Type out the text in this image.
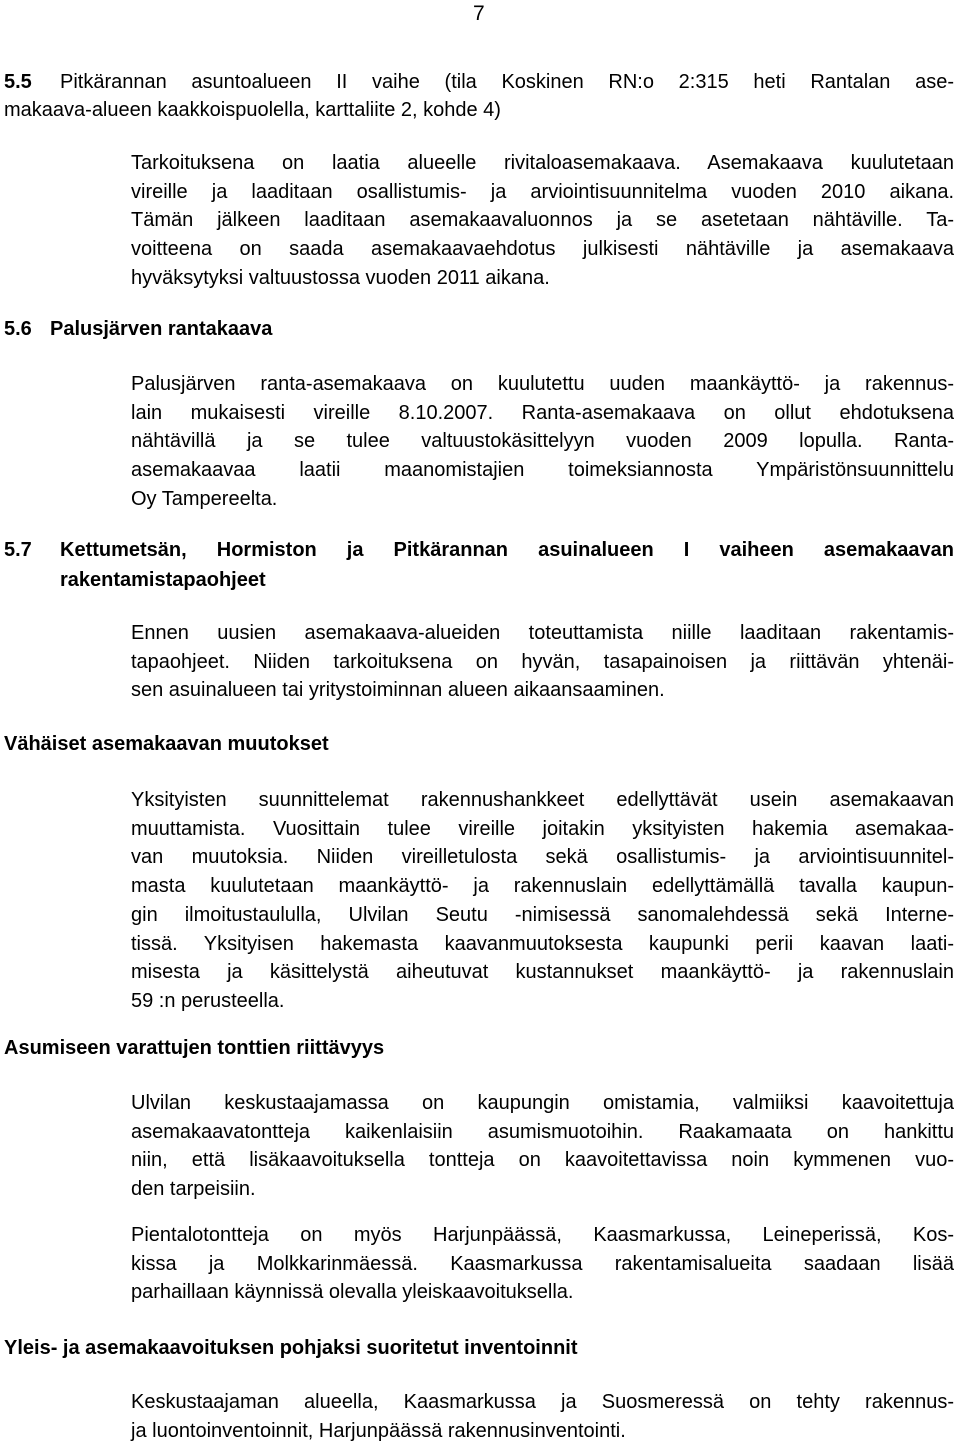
7
5.5 Pitkärannan asuntoalueen II vaihe (tila Koskinen RN:o 2:315 heti Rantalan ase-
makaava-alueen kaakkoispuolella, karttaliite 2, kohde 4)
Tarkoituksena on laatia alueelle rivitaloasemakaava. Asemakaava kuulutetaan
vireille ja laaditaan osallistumis- ja arviointisuunnitelma vuoden 2010 aikana.
Tämän jälkeen laaditaan asemakaavaluonnos ja se asetetaan nähtäville. Ta-
voitteena on saada asemakaavaehdotus julkisesti nähtäville ja asemakaava
hyväksytyksi valtuustossa vuoden 2011 aikana.
5.6 Palusjärven rantakaava
Palusjärven ranta-asemakaava on kuulutettu uuden maankäyttö- ja rakennus-
lain mukaisesti vireille 8.10.2007. Ranta-asemakaava on ollut ehdotuksena
nähtävillä ja se tulee valtuustokäsittelyyn vuoden 2009 lopulla. Ranta-
asemakaavaa laatii maanomistajien toimeksiannosta Ympäristönsuunnittelu
Oy Tampereelta.
5.7 Kettumetsän, Hormiston ja Pitkärannan asuinalueen I vaiheen asemakaavan
rakentamistapaohjeet
Ennen uusien asemakaava-alueiden toteuttamista niille laaditaan rakentamis-
tapaohjeet. Niiden tarkoituksena on hyvän, tasapainoisen ja riittävän yhtenäi-
sen asuinalueen tai yritystoiminnan alueen aikaansaaminen.
Vähäiset asemakaavan muutokset
Yksityisten suunnittelemat rakennushankkeet edellyttävät usein asemakaavan
muuttamista. Vuosittain tulee vireille joitakin yksityisten hakemia asemakaa-
van muutoksia. Niiden vireilletulosta sekä osallistumis- ja arviointisuunnitel-
masta kuulutetaan maankäyttö- ja rakennuslain edellyttämällä tavalla kaupun-
gin ilmoitustaululla, Ulvilan Seutu -nimisessä sanomalehdessä sekä Interne-
tissä. Yksityisen hakemasta kaavanmuutoksesta kaupunki perii kaavan laati-
misesta ja käsittelystä aiheutuvat kustannukset maankäyttö- ja rakennuslain
59 :n perusteella.
Asumiseen varattujen tonttien riittävyys
Ulvilan keskustaajamassa on kaupungin omistamia, valmiiksi kaavoitettuja
asemakaavatontteja kaikenlaisiin asumismuotoihin. Raakamaata on hankittu
niin, että lisäkaavoituksella tontteja on kaavoitettavissa noin kymmenen vuo-
den tarpeisiin.
Pientalotontteja on myös Harjunpäässä, Kaasmarkussa, Leineperissä, Kos-
kissa ja Molkkarinmäessä. Kaasmarkussa rakentamisalueita saadaan lisää
parhaillaan käynnissä olevalla yleiskaavoituksella.
Yleis- ja asemakaavoituksen pohjaksi suoritetut inventoinnit
Keskustaajaman alueella, Kaasmarkussa ja Suosmeressä on tehty rakennus-
ja luontoinventoinnit, Harjunpäässä rakennusinventointi.
